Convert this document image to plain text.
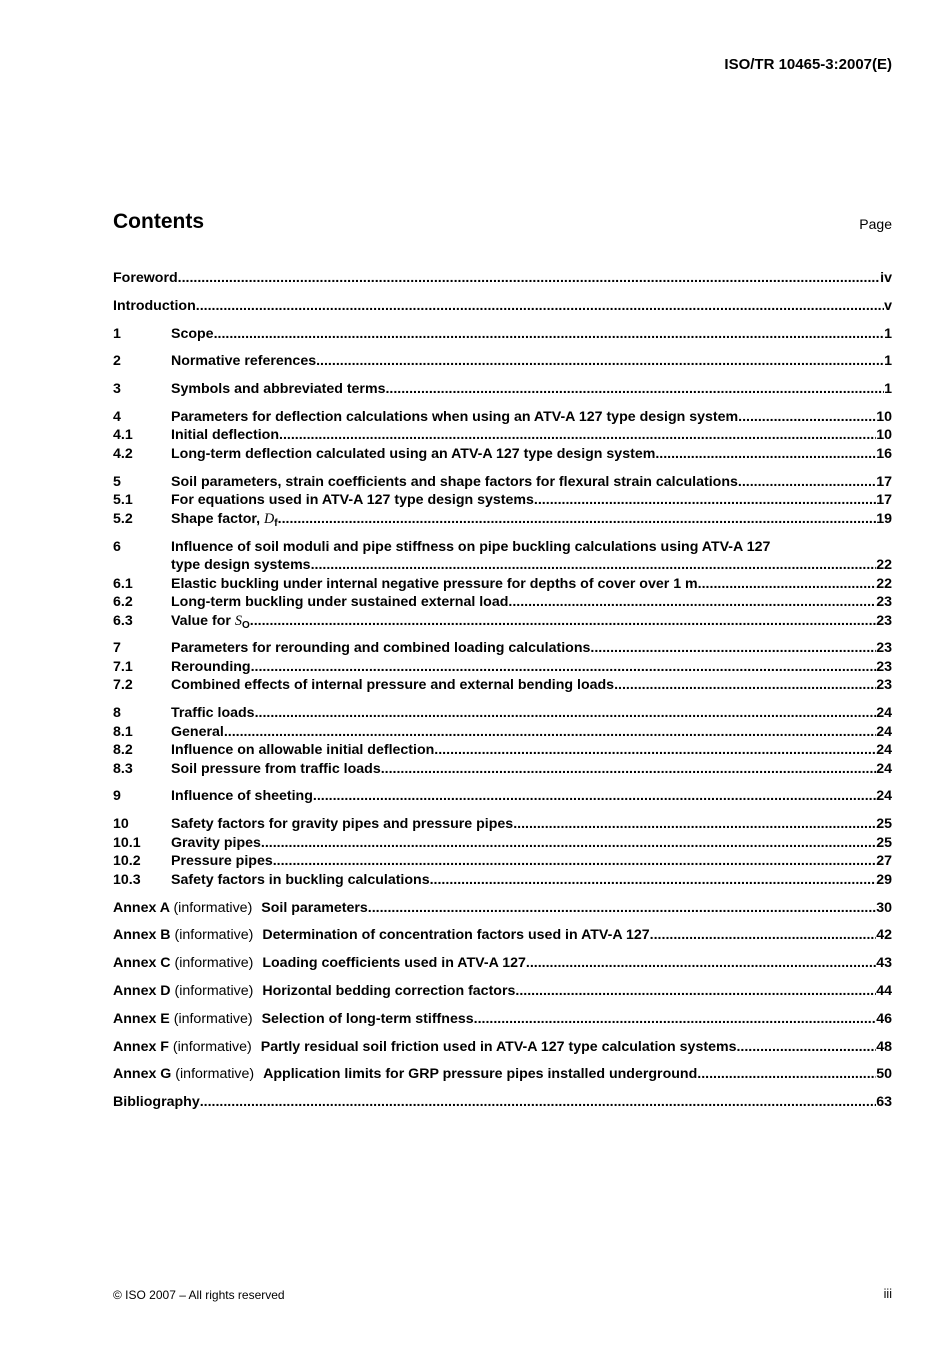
ISO/TR 10465-3:2007(E)
Contents	Page
Foreword .....	iv
Introduction .....	v
1	Scope .....	1
2	Normative references .....	1
3	Symbols and abbreviated terms .....	1
4	Parameters for deflection calculations when using an ATV-A 127 type design system .....	10
4.1	Initial deflection .....	10
4.2	Long-term deflection calculated using an ATV-A 127 type design system .....	16
5	Soil parameters, strain coefficients and shape factors for flexural strain calculations .....	17
5.1	For equations used in ATV-A 127 type design systems .....	17
5.2	Shape factor, $D_f$ .....	19
6	Influence of soil moduli and pipe stiffness on pipe buckling calculations using ATV-A 127
type design systems .....	22
6.1	Elastic buckling under internal negative pressure for depths of cover over 1 m .....	22
6.2	Long-term buckling under sustained external load .....	23
6.3	Value for $S_O$ .....	23
7	Parameters for rerounding and combined loading calculations .....	23
7.1	Rerounding .....	23
7.2	Combined effects of internal pressure and external bending loads .....	23
8	Traffic loads .....	24
8.1	General .....	24
8.2	Influence on allowable initial deflection .....	24
8.3	Soil pressure from traffic loads .....	24
9	Influence of sheeting .....	24
10	Safety factors for gravity pipes and pressure pipes .....	25
10.1	Gravity pipes .....	25
10.2	Pressure pipes .....	27
10.3	Safety factors in buckling calculations .....	29
Annex A (informative) Soil parameters .....	30
Annex B (informative) Determination of concentration factors used in ATV-A 127 .....	42
Annex C (informative) Loading coefficients used in ATV-A 127 .....	43
Annex D (informative) Horizontal bedding correction factors .....	44
Annex E (informative) Selection of long-term stiffness .....	46
Annex F (informative) Partly residual soil friction used in ATV-A 127 type calculation systems .....	48
Annex G (informative) Application limits for GRP pressure pipes installed underground .....	50
Bibliography .....	63
© ISO 2007 – All rights reserved	iii
